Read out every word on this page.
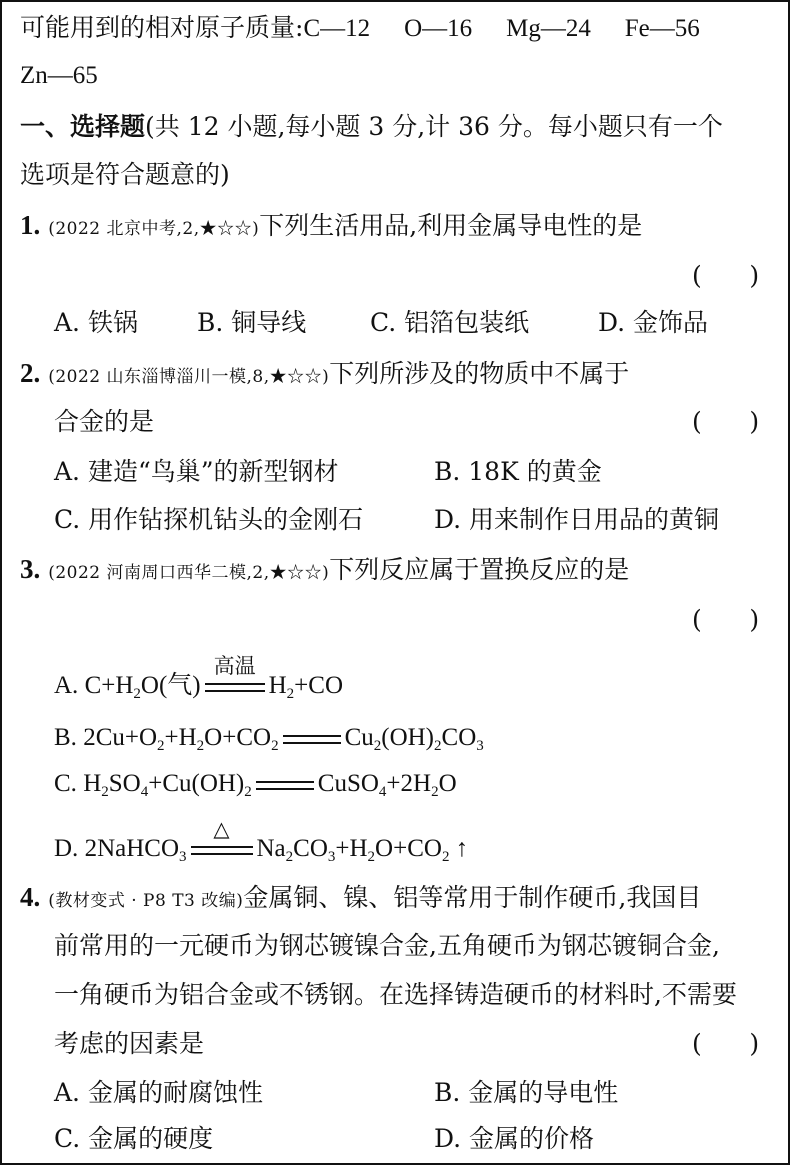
可能用到的相对原子质量:C—12 O—16 Mg—24 Fe—56
Zn—65
一、选择题(共 12 小题,每小题 3 分,计 36 分。每小题只有一个
选项是符合题意的)
1. (2022 北京中考,2,★☆☆)下列生活用品,利用金属导电性的是
(      )
A. 铁锅 B. 铜导线	C. 铝箔包装纸	D. 金饰品
2. (2022 山东淄博淄川一模,8,★☆☆)下列所涉及的物质中不属于
合金的是	(      )
A. 建造“鸟巢”的新型钢材	B. 18K 的黄金
C. 用作钻探机钻头的金刚石	D. 用来制作日用品的黄铜
3. (2022 河南周口西华二模,2,★☆☆)下列反应属于置换反应的是
(      )
A. $C+H_2O$(气)
高温
$H_2+CO$
B. $2Cu+O_2+H_2O+CO_2$	$Cu_2(OH)_2CO_3$
C. $H_2SO_4+Cu(OH)_2$	$CuSO_4+2H_2O$
D. 2NaHCO$_3$
△
$Na_2CO_3+H_2O+CO_2$ ↑
4. (教材变式 · P8 T3 改编)金属铜、镍、铝等常用于制作硬币,我国目
前常用的一元硬币为钢芯镀镍合金,五角硬币为钢芯镀铜合金,
一角硬币为铝合金或不锈钢。在选择铸造硬币的材料时,不需要
考虑的因素是	(      )
A. 金属的耐腐蚀性	B. 金属的导电性
C. 金属的硬度	D. 金属的价格
